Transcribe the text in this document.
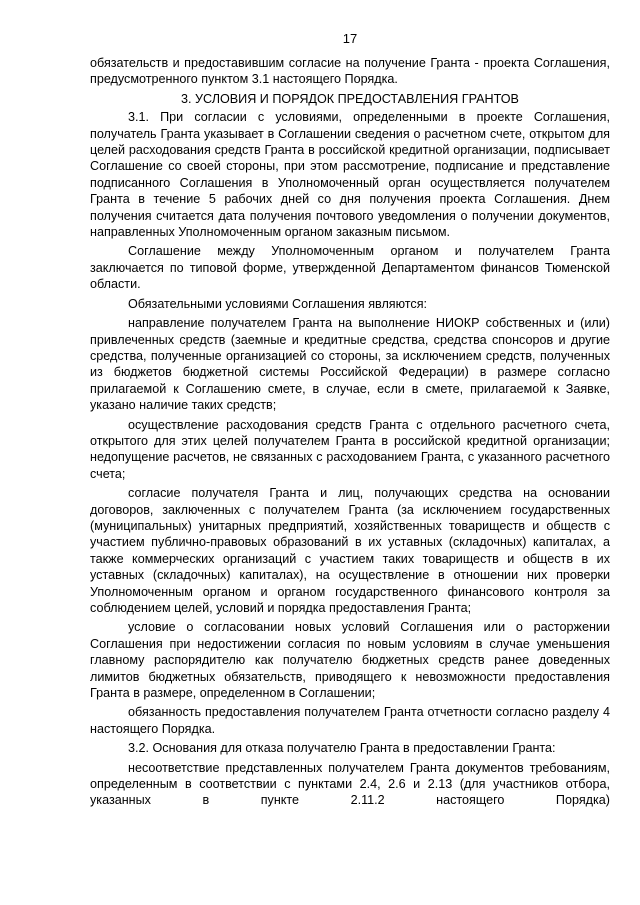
17

обязательств и предоставившим согласие на получение Гранта - проекта Соглашения, предусмотренного пунктом 3.1 настоящего Порядка.

3. УСЛОВИЯ И ПОРЯДОК ПРЕДОСТАВЛЕНИЯ ГРАНТОВ

3.1. При согласии с условиями, определенными в проекте Соглашения, получатель Гранта указывает в Соглашении сведения о расчетном счете, открытом для целей расходования средств Гранта в российской кредитной организации, подписывает Соглашение со своей стороны, при этом рассмотрение, подписание и представление подписанного Соглашения в Уполномоченный орган осуществляется получателем Гранта в течение 5 рабочих дней со дня получения проекта Соглашения. Днем получения считается дата получения почтового уведомления о получении документов, направленных Уполномоченным органом заказным письмом.

Соглашение между Уполномоченным органом и получателем Гранта заключается по типовой форме, утвержденной Департаментом финансов Тюменской области.

Обязательными условиями Соглашения являются:

направление получателем Гранта на выполнение НИОКР собственных и (или) привлеченных средств (заемные и кредитные средства, средства спонсоров и другие средства, полученные организацией со стороны, за исключением средств, полученных из бюджетов бюджетной системы Российской Федерации) в размере согласно прилагаемой к Соглашению смете, в случае, если в смете, прилагаемой к Заявке, указано наличие таких средств;

осуществление расходования средств Гранта с отдельного расчетного счета, открытого для этих целей получателем Гранта в российской кредитной организации; недопущение расчетов, не связанных с расходованием Гранта, с указанного расчетного счета;

согласие получателя Гранта и лиц, получающих средства на основании договоров, заключенных с получателем Гранта (за исключением государственных (муниципальных) унитарных предприятий, хозяйственных товариществ и обществ с участием публично-правовых образований в их уставных (складочных) капиталах, а также коммерческих организаций с участием таких товариществ и обществ в их уставных (складочных) капиталах), на осуществление в отношении них проверки Уполномоченным органом и органом государственного финансового контроля за соблюдением целей, условий и порядка предоставления Гранта;

условие о согласовании новых условий Соглашения или о расторжении Соглашения при недостижении согласия по новым условиям в случае уменьшения главному распорядителю как получателю бюджетных средств ранее доведенных лимитов бюджетных обязательств, приводящего к невозможности предоставления Гранта в размере, определенном в Соглашении;

обязанность предоставления получателем Гранта отчетности согласно разделу 4 настоящего Порядка.

3.2. Основания для отказа получателю Гранта в предоставлении Гранта:

несоответствие представленных получателем Гранта документов требованиям, определенным в соответствии с пунктами 2.4, 2.6 и 2.13 (для участников отбора, указанных в пункте 2.11.2 настоящего Порядка)
